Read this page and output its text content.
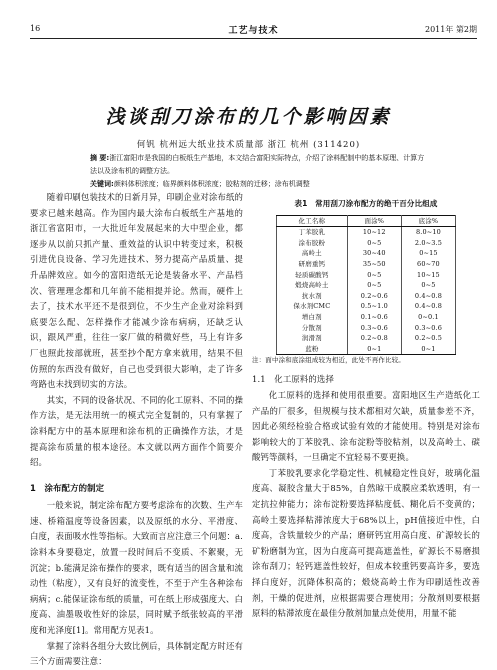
16	工艺与技术	2011年 第2期
浅谈刮刀涂布的几个影响因素
何钒 杭州远大纸业技术质量部 浙江 杭州 (311420)
摘 要:浙江富阳市是我国的白板纸生产基地，本文结合富阳实际特点，介绍了涂料配制中的基本原理、计算方法以及涂布机的调整方法。
关键词:颜料体积浓度；临界颜料体积浓度；胶粘剂的迁移；涂布机调整

随着印刷包装技术的日新月异，印刷企业对涂布纸的要求已越来越高。作为国内最大涂布白板纸生产基地的浙江省富阳市，一大批近年发展起来的大中型企业，都逐步从以前只抓产量、重效益的认识中转变过来，积极引进优良设备、学习先进技术、努力提高产品质量、提升品牌效应。如今的富阳造纸无论是装备水平、产品档次、管理理念都和几年前不能相提并论。然而，硬件上去了，技术水平还不是很到位，不少生产企业对涂料到底要怎么配、怎样操作才能减少涂布病病，还缺乏认识，跟风严重，往往一家厂做的稍微好些，马上有许多厂也照此按部就班，甚至抄个配方拿来就用，结果不但仿照的东西没有做好，自己也受到很大影响，走了许多弯路也未找到切实的方法。

其实，不同的设备状况、不同的化工原料、不同的操作方法，是无法用统一的模式完全复制的，只有掌握了涂料配方中的基本原理和涂布机的正确操作方法，才是提高涂布质量的根本途径。本文就以两方面作个简要介绍。

1　涂布配方的制定

一般来说，制定涂布配方要考虑涂布的次数、生产车速、桥箱温度等设备因素，以及原纸的水分、平滑度、白度，表面吸水性等指标。大致而言应注意三个问题：a.涂料本身要稳定，放置一段时间后不变质、不絮聚，无沉淀；b.能满足涂布操作的要求，既有适当的固含量和流动性（粘度），又有良好的流变性，不至于产生各种涂布病病；c.能保证涂布纸的质量，可在纸上形成强度大、白度高、油墨吸收性好的涂层，同时赋予纸张较高的平滑度和光泽度[1]。常用配方见表1。

掌握了涂料各组分大致比例后，具体制定配方时还有三个方面需要注意：

表1　常用刮刀涂布配方的绝干百分比组成
化工名称	面涂%	底涂%
丁苯胶乳	10~12	8.0~10
涂布胶粉	0~5	2.0~3.5
高岭土	30~40	0~15
研磨重钙	35~50	60~70
轻质碳酸钙	0~5	10~15
煅烧高岭土	0~5	0~5
抗水剂	0.2~0.6	0.4~0.8
保水剂CMC	0.5~1.0	0.4~0.8
增白剂	0.1~0.6	0~0.1
分散剂	0.3~0.6	0.3~0.6
润滑剂	0.2~0.8	0.2~0.5
蓝粉	0~1	0~1

注：面中涂和底涂组成较为相近，此处不再作比较。

1.1　化工原料的选择

化工原料的选择和使用很重要。富阳地区生产造纸化工产品的厂很多，但规模与技术都相对欠缺，质量参差不齐，因此必须经检验合格或试验有效的才能使用。特别是对涂布影响较大的丁苯胶乳、涂布淀粉等胶粘剂，以及高岭土、碳酸钙等颜料，一旦确定不宜轻易不要更换。

丁苯胶乳要求化学稳定性、机械稳定性良好，玻璃化温度高、凝胶含量大于85%，自然晾干成膜应柔软透明，有一定抗拉伸能力；涂布淀粉要选择粘度低、糊化后不变黄的；高岭土要选择粘滞浓度大于68%以上，pH值接近中性，白度高，含铁量较少的产品；磨研钙宜用高白度、矿源较长的矿粉磨制为宜，因为白度高可提高遮盖性，矿源长不易磨损涂布刮刀；轻钙遮盖性较好，但成本较重钙要高许多，要选择白度好，沉降体积高的；煅烧高岭土作为印刷适性改善剂，干燥的促进剂，应根据需要合理使用；分散剂则要根据原料的粘滞浓度在最佳分散剂加量点处使用，用量不能
